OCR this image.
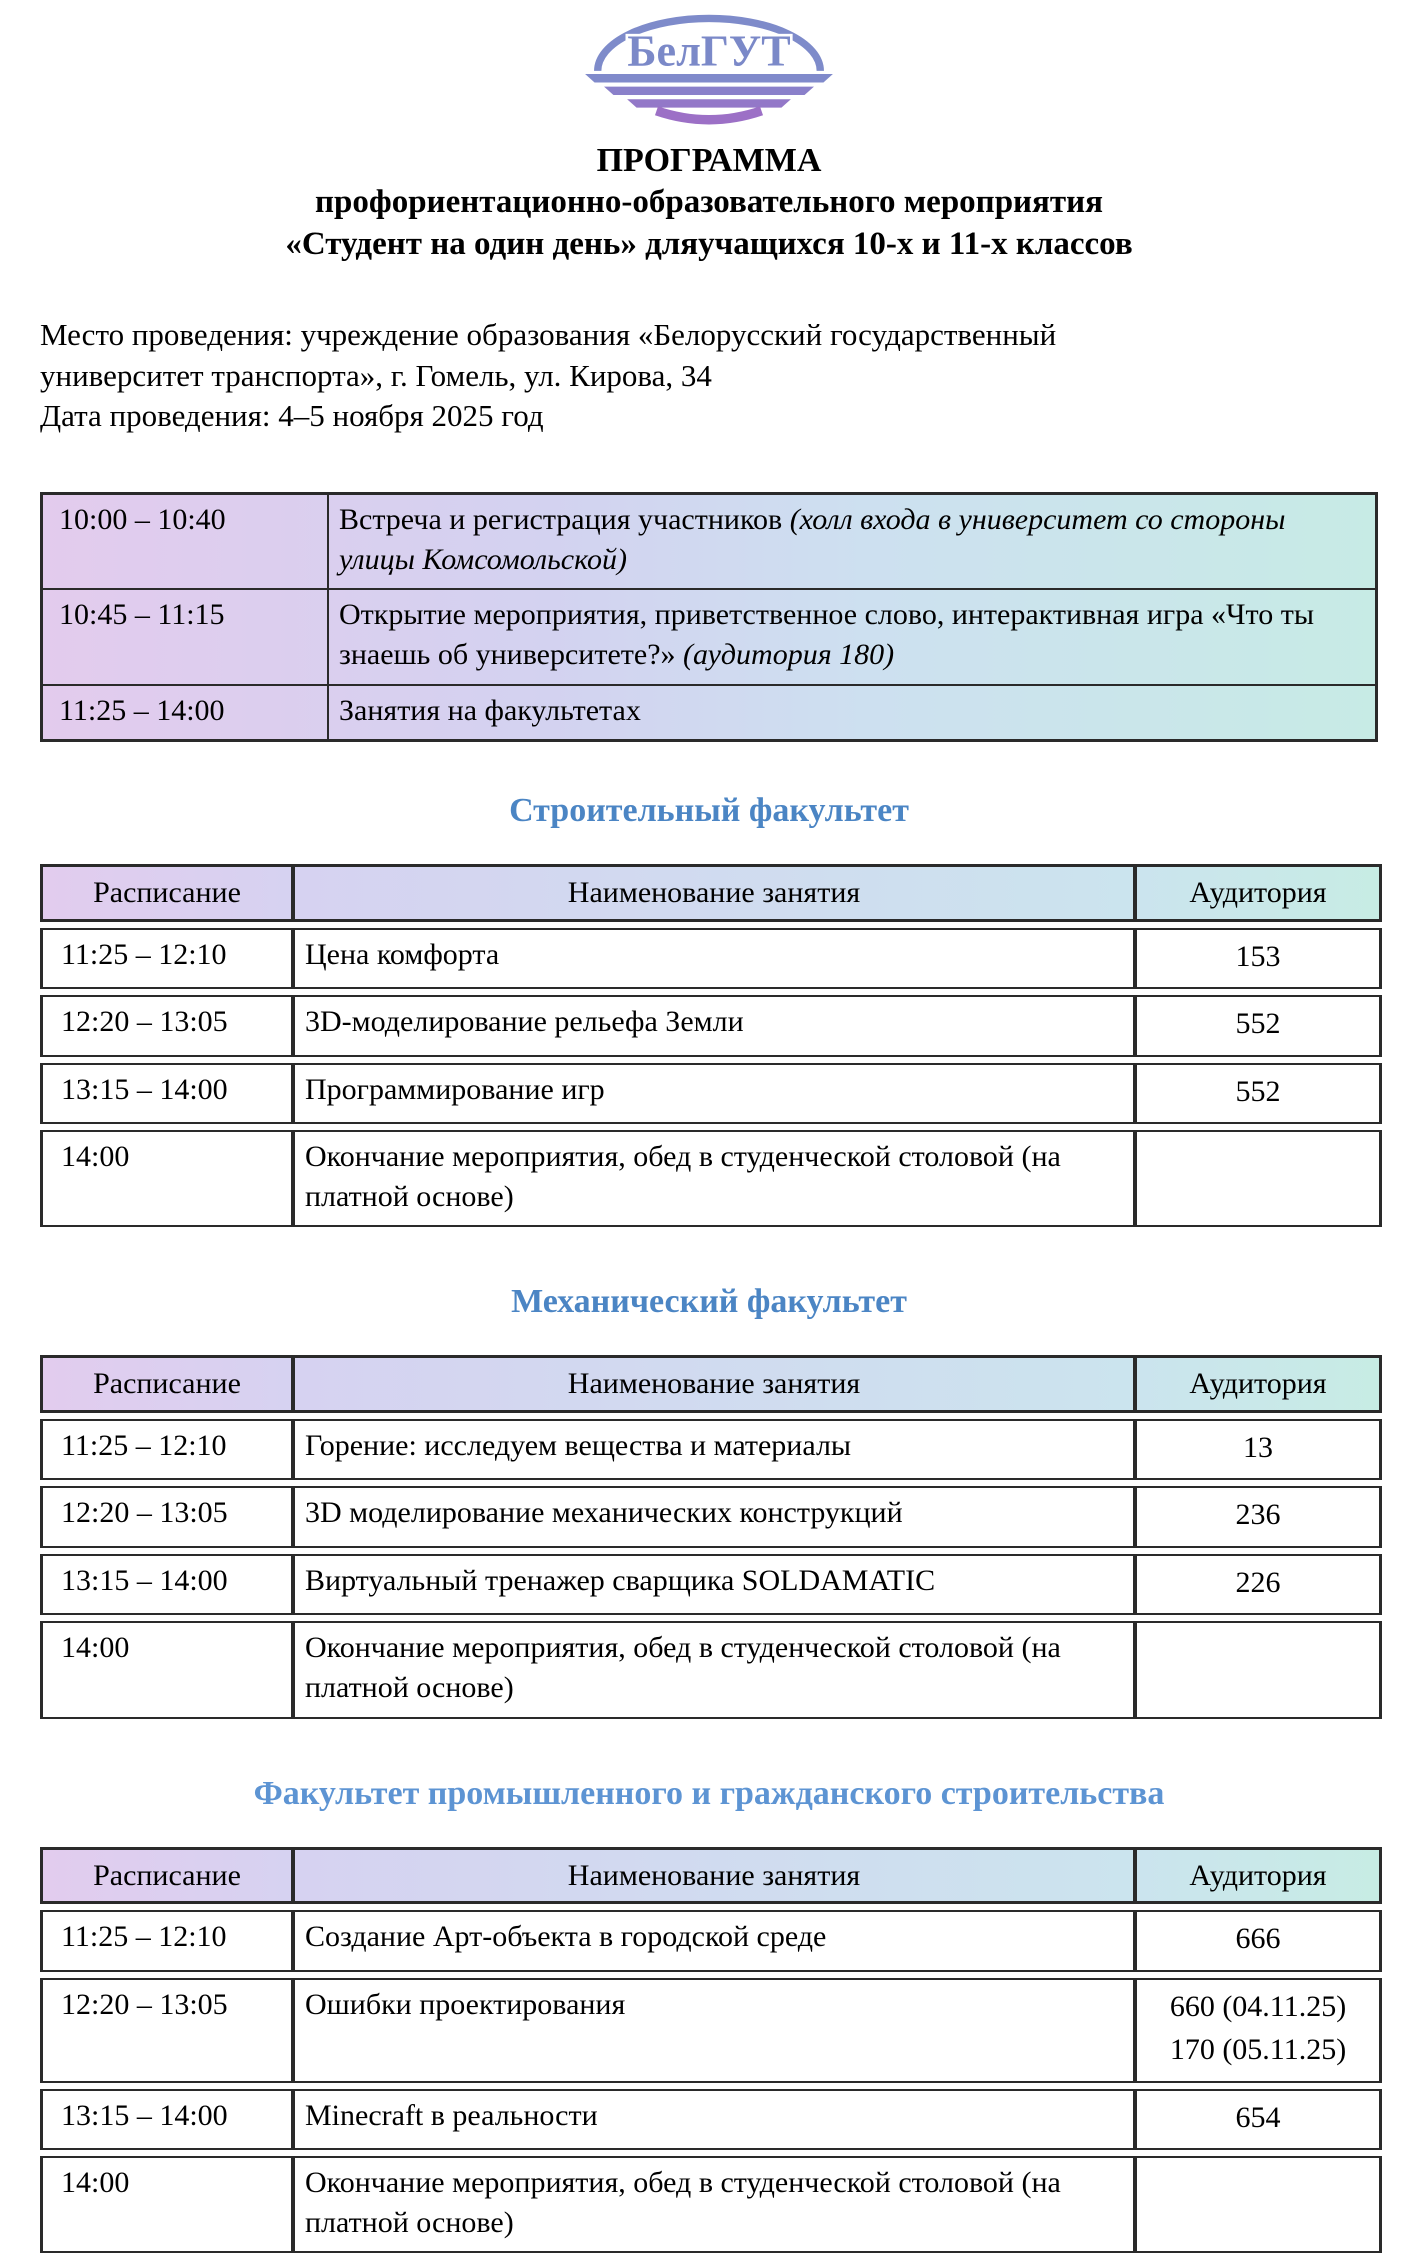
БелГУТ
ПРОГРАММА
профориентационно-образовательного мероприятия
«Студент на один день» дляучащихся 10-х и 11-х классов
Место проведения: учреждение образования «Белорусский государственный
университет транспорта», г. Гомель, ул. Кирова, 34
Дата проведения: 4–5 ноября 2025 год
10:00 – 10:40	Встреча и регистрация участников (холл входа в университет со стороны улицы Комсомольской)
10:45 – 11:15	Открытие мероприятия, приветственное слово, интерактивная игра «Что ты знаешь об университете?» (аудитория 180)
11:25 – 14:00	Занятия на факультетах
Строительный факультет
Расписание	Наименование занятия	Аудитория
11:25 – 12:10	Цена комфорта	153

12:20 – 13:05	3D-моделирование рельефа Земли	552

13:15 – 14:00	Программирование игр	552

14:00	Окончание мероприятия, обед в студенческой столовой (на платной основе)	
Механический факультет
Расписание	Наименование занятия	Аудитория
11:25 – 12:10	Горение: исследуем вещества и материалы	13

12:20 – 13:05	3D моделирование механических конструкций	236

13:15 – 14:00	Виртуальный тренажер сварщика SOLDAMATIC	226

14:00	Окончание мероприятия, обед в студенческой столовой (на платной основе)	
Факультет промышленного и гражданского строительства
Расписание	Наименование занятия	Аудитория
11:25 – 12:10	Создание Арт-объекта в городской среде	666

12:20 – 13:05	Ошибки проектирования	660 (04.11.25)
170 (05.11.25)

13:15 – 14:00	Minecraft в реальности	654

14:00	Окончание мероприятия, обед в студенческой столовой (на платной основе)	
